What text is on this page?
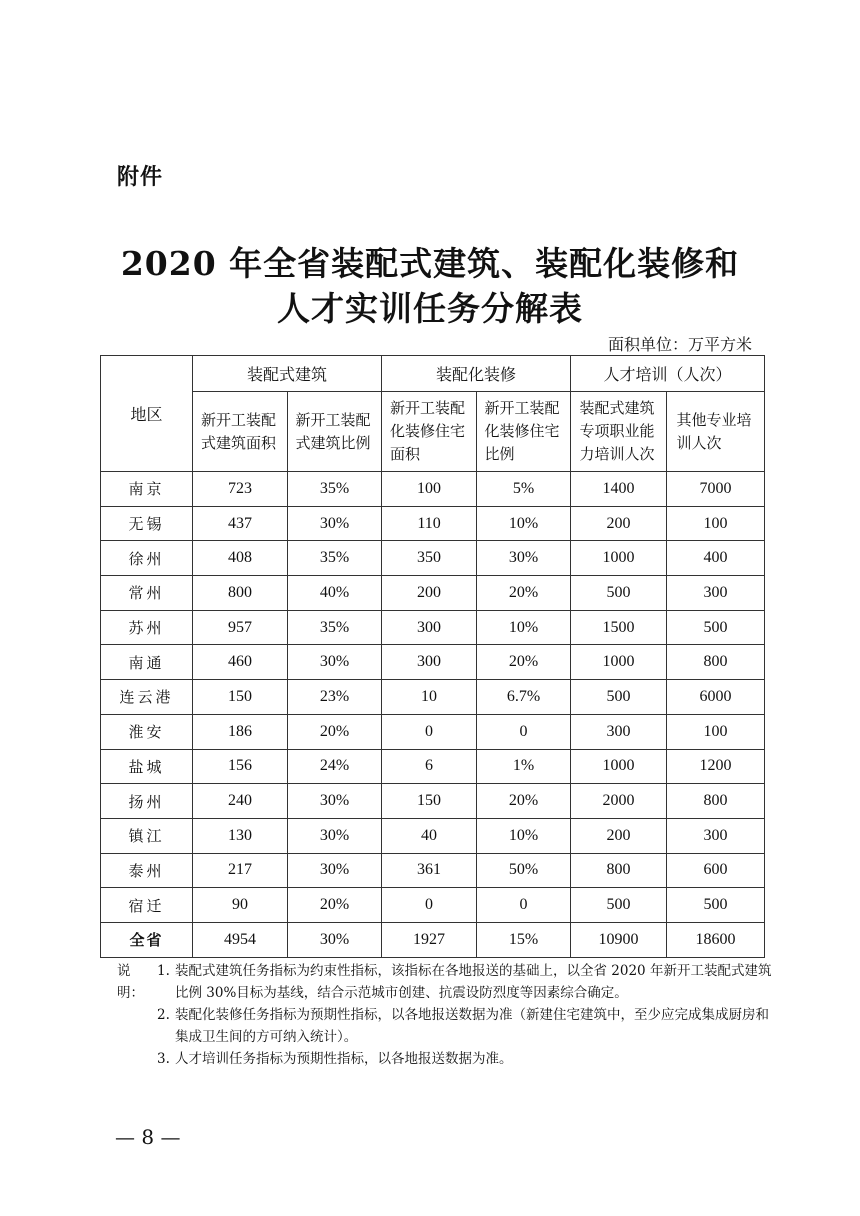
附件
2020 年全省装配式建筑、装配化装修和
人才实训任务分解表
面积单位：万平方米
地区	装配式建筑		装配化装修		人才培训（人次）	

	新开工装配式建筑面积	新开工装配式建筑比例	新开工装配化装修住宅面积	新开工装配化装修住宅比例	装配式建筑专项职业能力培训人次	其他专业培训人次

南京	723	35%	100	5%	1400	7000
无锡	437	30%	110	10%	200	100
徐州	408	35%	350	30%	1000	400
常州	800	40%	200	20%	500	300
苏州	957	35%	300	10%	1500	500
南通	460	30%	300	20%	1000	800
连云港	150	23%	10	6.7%	500	6000
淮安	186	20%	0	0	300	100
盐城	156	24%	6	1%	1000	1200
扬州	240	30%	150	20%	2000	800
镇江	130	30%	40	10%	200	300
泰州	217	30%	361	50%	800	600
宿迁	90	20%	0	0	500	500
全省	4954	30%	1927	15%	10900	18600
说明：
1. 装配式建筑任务指标为约束性指标，该指标在各地报送的基础上，以全省 2020 年新开工装配式建筑比例 30%目标为基线，结合示范城市创建、抗震设防烈度等因素综合确定。
2. 装配化装修任务指标为预期性指标，以各地报送数据为准（新建住宅建筑中，至少应完成集成厨房和集成卫生间的方可纳入统计）。
3. 人才培训任务指标为预期性指标，以各地报送数据为准。
— 8 —
